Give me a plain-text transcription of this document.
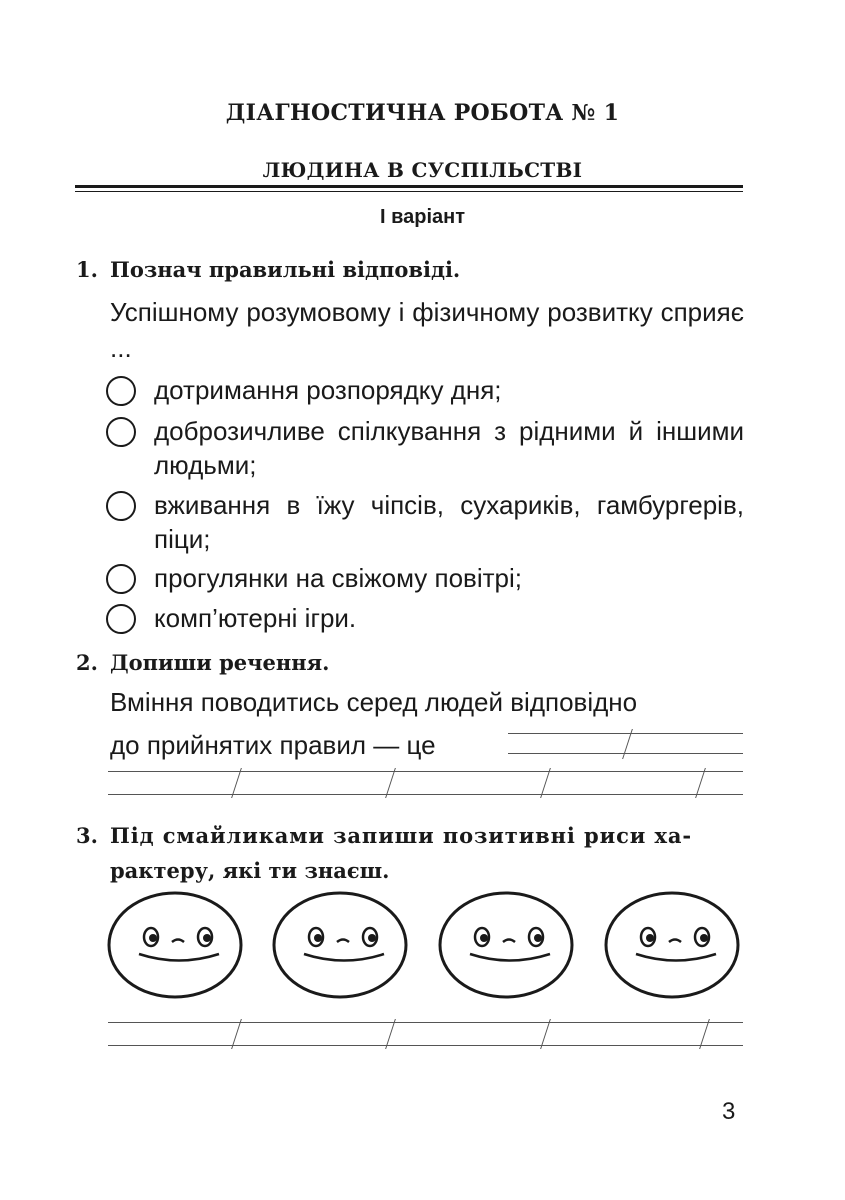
ДІАГНОСТИЧНА РОБОТА № 1
ЛЮДИНА В СУСПІЛЬСТВІ
І варіант
1. Познач правильні відповіді.
Успішному розумовому і фізичному розвитку сприяє ...
дотримання розпорядку дня;
доброзичливе спілкування з рідними й іншими людьми;
вживання в їжу чіпсів, сухариків, гамбургерів, піци;
прогулянки на свіжому повітрі;
комп’ютерні ігри.
2. Допиши речення.
Вміння поводитись серед людей відповідно
до прийнятих правил — це
3. Під смайликами запиши позитивні риси ха-
рактеру, які ти знаєш.
3
